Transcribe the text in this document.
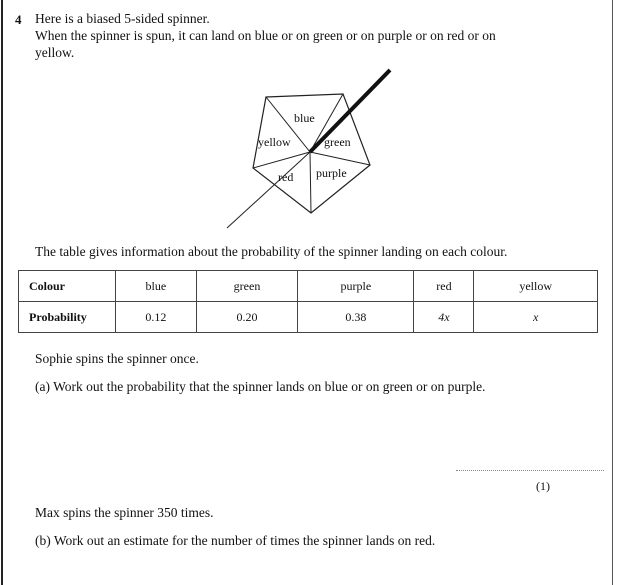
4 Here is a biased 5-sided spinner.

When the spinner is spun, it can land on blue or on green or on purple or on red or on yellow.

blue
yellow	green
red purple
The table gives information about the probability of the spinner landing on each colour.
Colour	blue	green	purple	red	yellow
Probability	0.12	0.20	0.38	4x	x
Sophie spins the spinner once.
(a) Work out the probability that the spinner lands on blue or on green or on purple.
(1)
Max spins the spinner 350 times.
(b) Work out an estimate for the number of times the spinner lands on red.
